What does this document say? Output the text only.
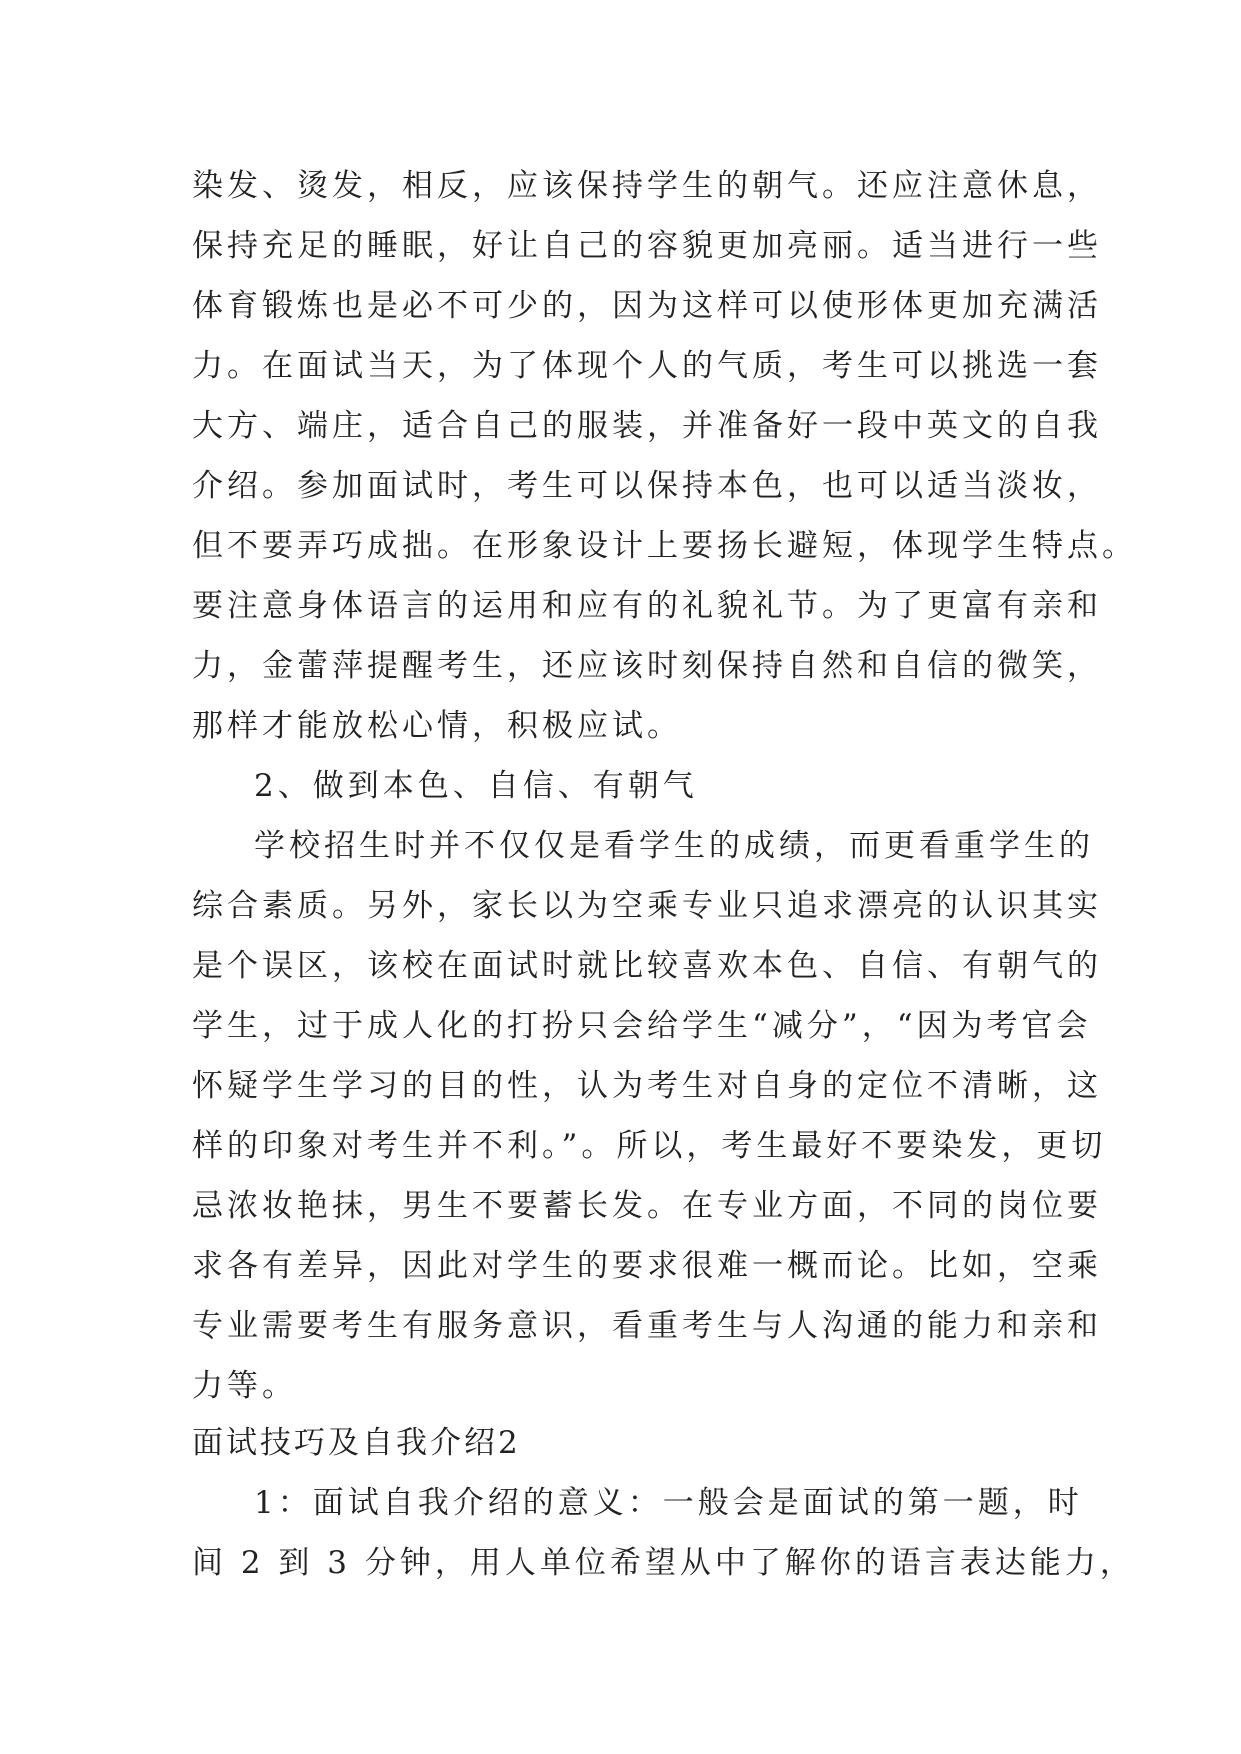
染发、烫发，相反，应该保持学生的朝气。还应注意休息，
保持充足的睡眠，好让自己的容貌更加亮丽。适当进行一些
体育锻炼也是必不可少的，因为这样可以使形体更加充满活
力。在面试当天，为了体现个人的气质，考生可以挑选一套
大方、端庄，适合自己的服装，并准备好一段中英文的自我
介绍。参加面试时，考生可以保持本色，也可以适当淡妆，
但不要弄巧成拙。在形象设计上要扬长避短，体现学生特点。
要注意身体语言的运用和应有的礼貌礼节。为了更富有亲和
力，金蕾萍提醒考生，还应该时刻保持自然和自信的微笑，
那样才能放松心情，积极应试。
2、做到本色、自信、有朝气
学校招生时并不仅仅是看学生的成绩，而更看重学生的
综合素质。另外，家长以为空乘专业只追求漂亮的认识其实
是个误区，该校在面试时就比较喜欢本色、自信、有朝气的
学生，过于成人化的打扮只会给学生“减分”，“因为考官会
怀疑学生学习的目的性，认为考生对自身的定位不清晰，这
样的印象对考生并不利。”。所以，考生最好不要染发，更切
忌浓妆艳抹，男生不要蓄长发。在专业方面，不同的岗位要
求各有差异，因此对学生的要求很难一概而论。比如，空乘
专业需要考生有服务意识，看重考生与人沟通的能力和亲和
力等。
面试技巧及自我介绍2
1：面试自我介绍的意义：一般会是面试的第一题，时
间 2 到 3 分钟，用人单位希望从中了解你的语言表达能力，
